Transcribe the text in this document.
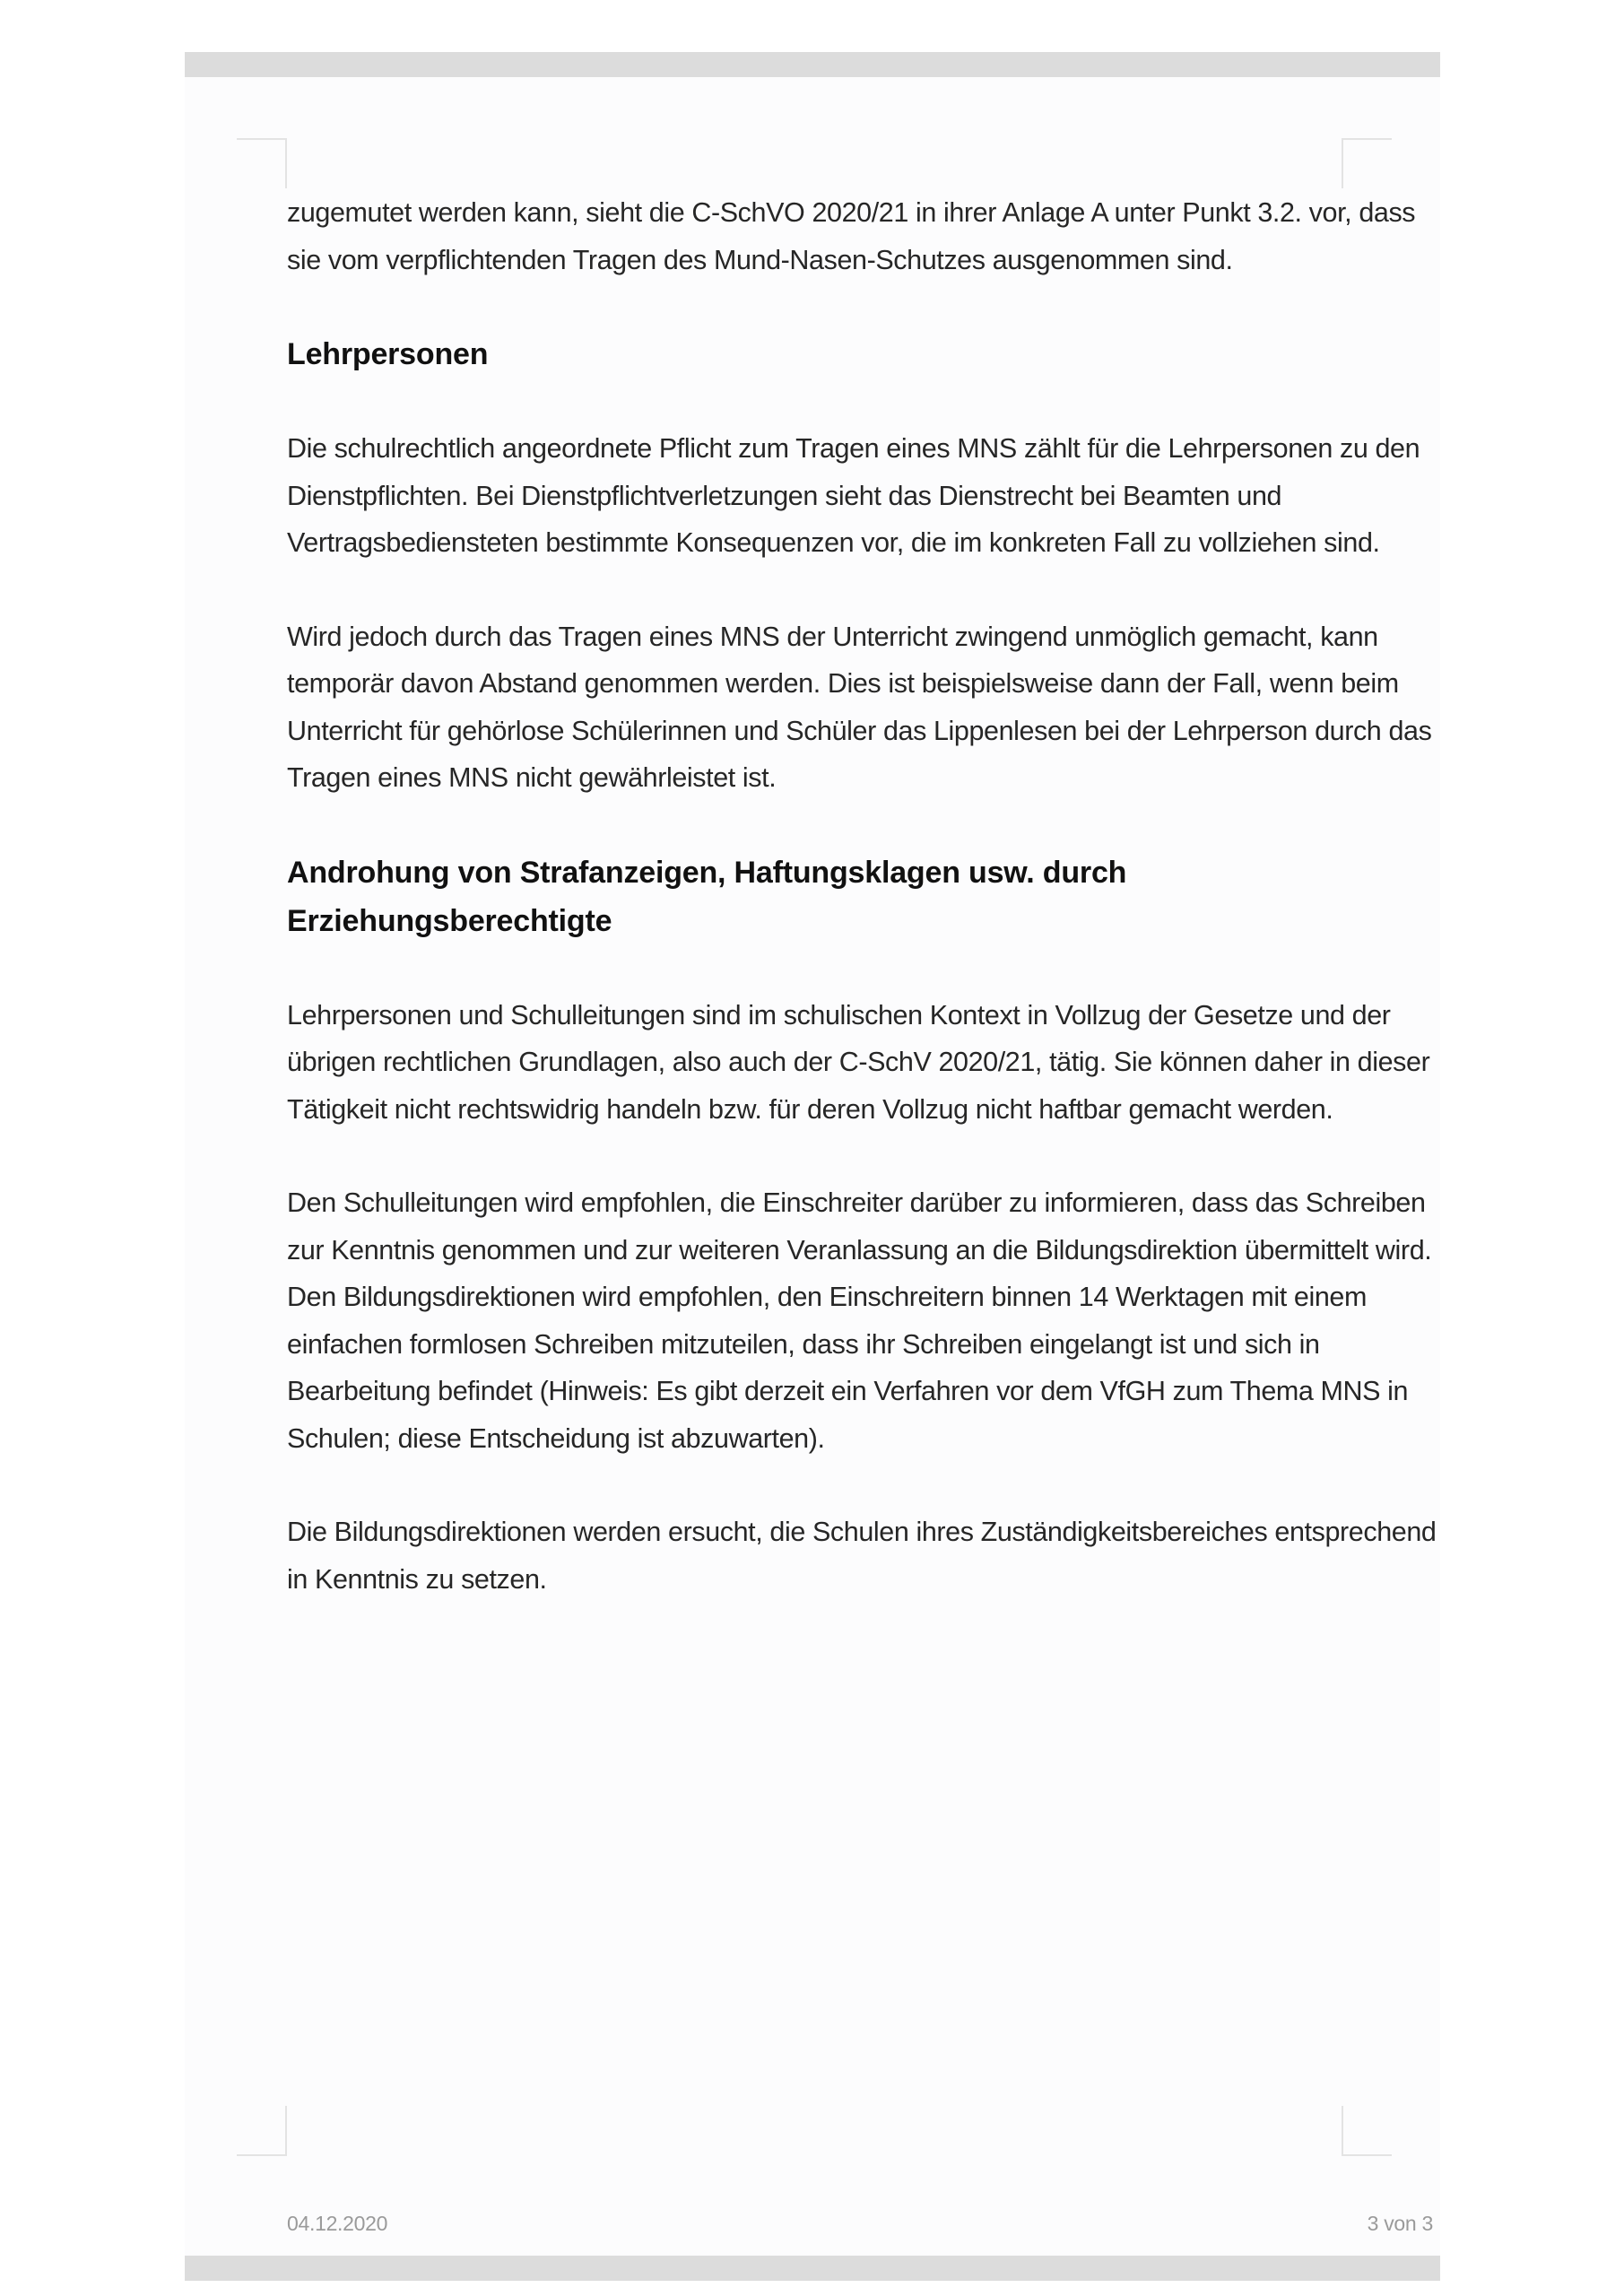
zugemutet werden kann, sieht die C-SchVO 2020/21 in ihrer Anlage A unter Punkt 3.2. vor, dass sie vom verpflichtenden Tragen des Mund-Nasen-Schutzes ausgenommen sind.

Lehrpersonen

Die schulrechtlich angeordnete Pflicht zum Tragen eines MNS zählt für die Lehrpersonen zu den Dienstpflichten. Bei Dienstpflichtverletzungen sieht das Dienstrecht bei Beamten und Vertragsbediensteten bestimmte Konsequenzen vor, die im konkreten Fall zu vollziehen sind.

Wird jedoch durch das Tragen eines MNS der Unterricht zwingend unmöglich gemacht, kann temporär davon Abstand genommen werden. Dies ist beispielsweise dann der Fall, wenn beim Unterricht für gehörlose Schülerinnen und Schüler das Lippenlesen bei der Lehrperson durch das Tragen eines MNS nicht gewährleistet ist.

Androhung von Strafanzeigen, Haftungsklagen usw. durch Erziehungsberechtigte

Lehrpersonen und Schulleitungen sind im schulischen Kontext in Vollzug der Gesetze und der übrigen rechtlichen Grundlagen, also auch der C-SchV 2020/21, tätig. Sie können daher in dieser Tätigkeit nicht rechtswidrig handeln bzw. für deren Vollzug nicht haftbar gemacht werden.

Den Schulleitungen wird empfohlen, die Einschreiter darüber zu informieren, dass das Schreiben zur Kenntnis genommen und zur weiteren Veranlassung an die Bildungsdirektion übermittelt wird. Den Bildungsdirektionen wird empfohlen, den Einschreitern binnen 14 Werktagen mit einem einfachen formlosen Schreiben mitzuteilen, dass ihr Schreiben eingelangt ist und sich in Bearbeitung befindet (Hinweis: Es gibt derzeit ein Verfahren vor dem VfGH zum Thema MNS in Schulen; diese Entscheidung ist abzuwarten).

Die Bildungsdirektionen werden ersucht, die Schulen ihres Zuständigkeitsbereiches entsprechend in Kenntnis zu setzen.

04.12.2020	3 von 3
